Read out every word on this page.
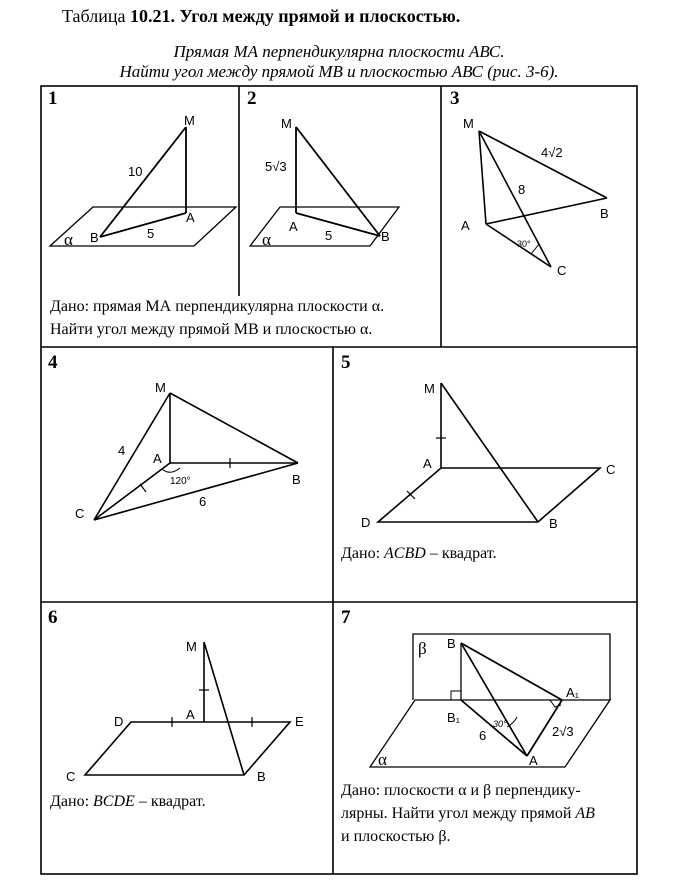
Таблица 10.21. Угол между прямой и плоскостью.
Прямая МА перпендикулярна плоскости АВС.
Найти угол между прямой МВ и плоскостью АВС (рис. 3-6).
1	2	3
4	5
6	7
M
A
B
α
10
5
M
A
B
α
5√3
5
M
A
B
C
4√2
8
30°
Дано: прямая МА перпендикулярна плоскости α.
Найти угол между прямой МВ и плоскостью α.
M
A
B
C
4
6
120°
M
A
B
C
D
Дано: ACBD – квадрат.
M
A
B
C
D	E
Дано: BCDE – квадрат.
β B
B₁
A₁
A
α
6	2√3
30°
Дано: плоскости α и β перпендику-
лярны. Найти угол между прямой AB
и плоскостью β.
